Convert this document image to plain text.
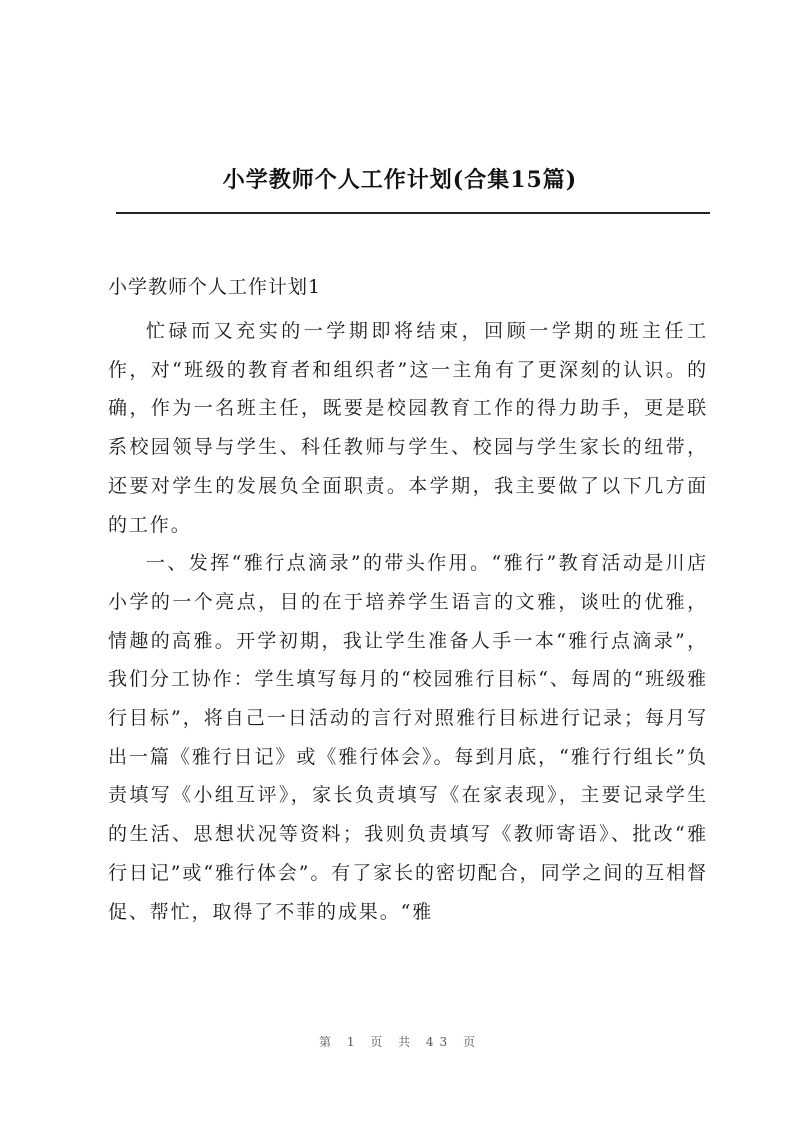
小学教师个人工作计划(合集15篇)
小学教师个人工作计划1

忙碌而又充实的一学期即将结束，回顾一学期的班主任工作，对“班级的教育者和组织者”这一主角有了更深刻的认识。的确，作为一名班主任，既要是校园教育工作的得力助手，更是联系校园领导与学生、科任教师与学生、校园与学生家长的纽带，还要对学生的发展负全面职责。本学期，我主要做了以下几方面的工作。

一、发挥“雅行点滴录”的带头作用。“雅行”教育活动是川店小学的一个亮点，目的在于培养学生语言的文雅，谈吐的优雅，情趣的高雅。开学初期，我让学生准备人手一本“雅行点滴录”，我们分工协作：学生填写每月的“校园雅行目标“、每周的“班级雅行目标”，将自己一日活动的言行对照雅行目标进行记录；每月写出一篇《雅行日记》或《雅行体会》。每到月底，“雅行行组长”负责填写《小组互评》，家长负责填写《在家表现》，主要记录学生的生活、思想状况等资料；我则负责填写《教师寄语》、批改“雅行日记”或“雅行体会”。有了家长的密切配合，同学之间的互相督促、帮忙，取得了不菲的成果。“雅

第 1 页 共 43 页
